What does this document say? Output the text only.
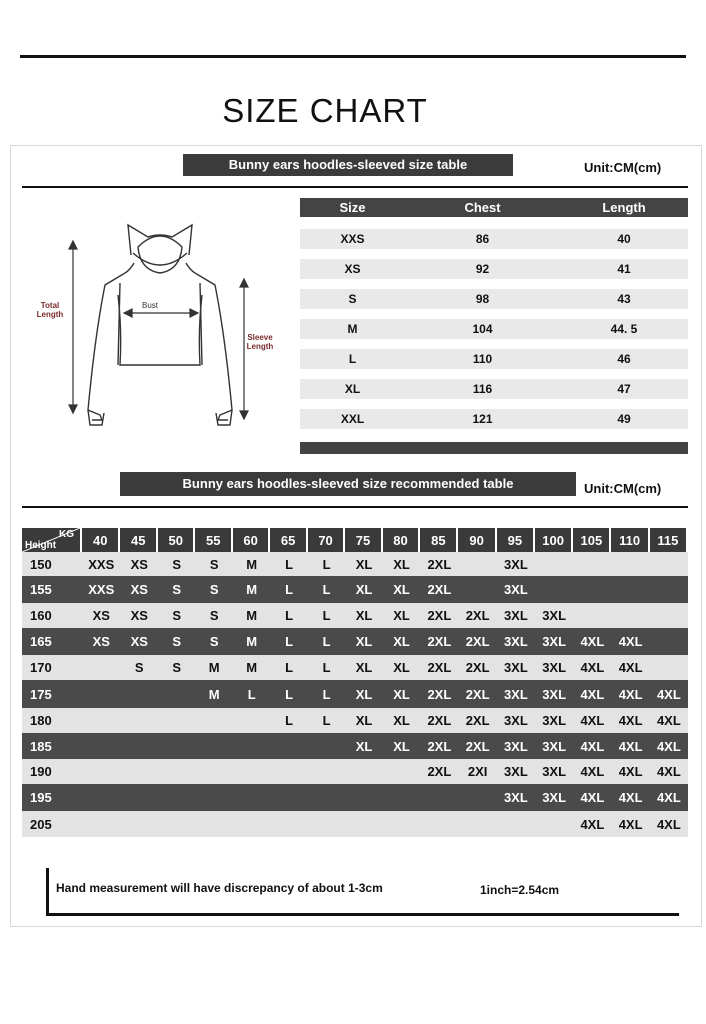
SIZE CHART
Bunny ears hoodles-sleeved size table	Unit:CM(cm)
Total Length
Bust
Sleeve Length
Size	Chest	Length
XXS	86	40
XS	92	41
S	98	43
M	104	44. 5
L	110	46
XL	116	47
XXL	121	49
Bunny ears hoodles-sleeved size recommended table	Unit:CM(cm)
KG
Height	40	45	50	55	60	65	70	75	80	85	90	95	100	105	110	115
150	XXS	XS	S	S	M	L	L	XL	XL	2XL		3XL				
155	XXS	XS	S	S	M	L	L	XL	XL	2XL		3XL				
160	XS	XS	S	S	M	L	L	XL	XL	2XL	2XL	3XL	3XL			
165	XS	XS	S	S	M	L	L	XL	XL	2XL	2XL	3XL	3XL	4XL	4XL	
170		S	S	M	M	L	L	XL	XL	2XL	2XL	3XL	3XL	4XL	4XL	
175				M	L	L	L	XL	XL	2XL	2XL	3XL	3XL	4XL	4XL	4XL
180						L	L	XL	XL	2XL	2XL	3XL	3XL	4XL	4XL	4XL
185								XL	XL	2XL	2XL	3XL	3XL	4XL	4XL	4XL
190										2XL	2XI	3XL	3XL	4XL	4XL	4XL
195												3XL	3XL	4XL	4XL	4XL
205														4XL	4XL	4XL
Hand measurement will have discrepancy of about 1-3cm	1inch=2.54cm
